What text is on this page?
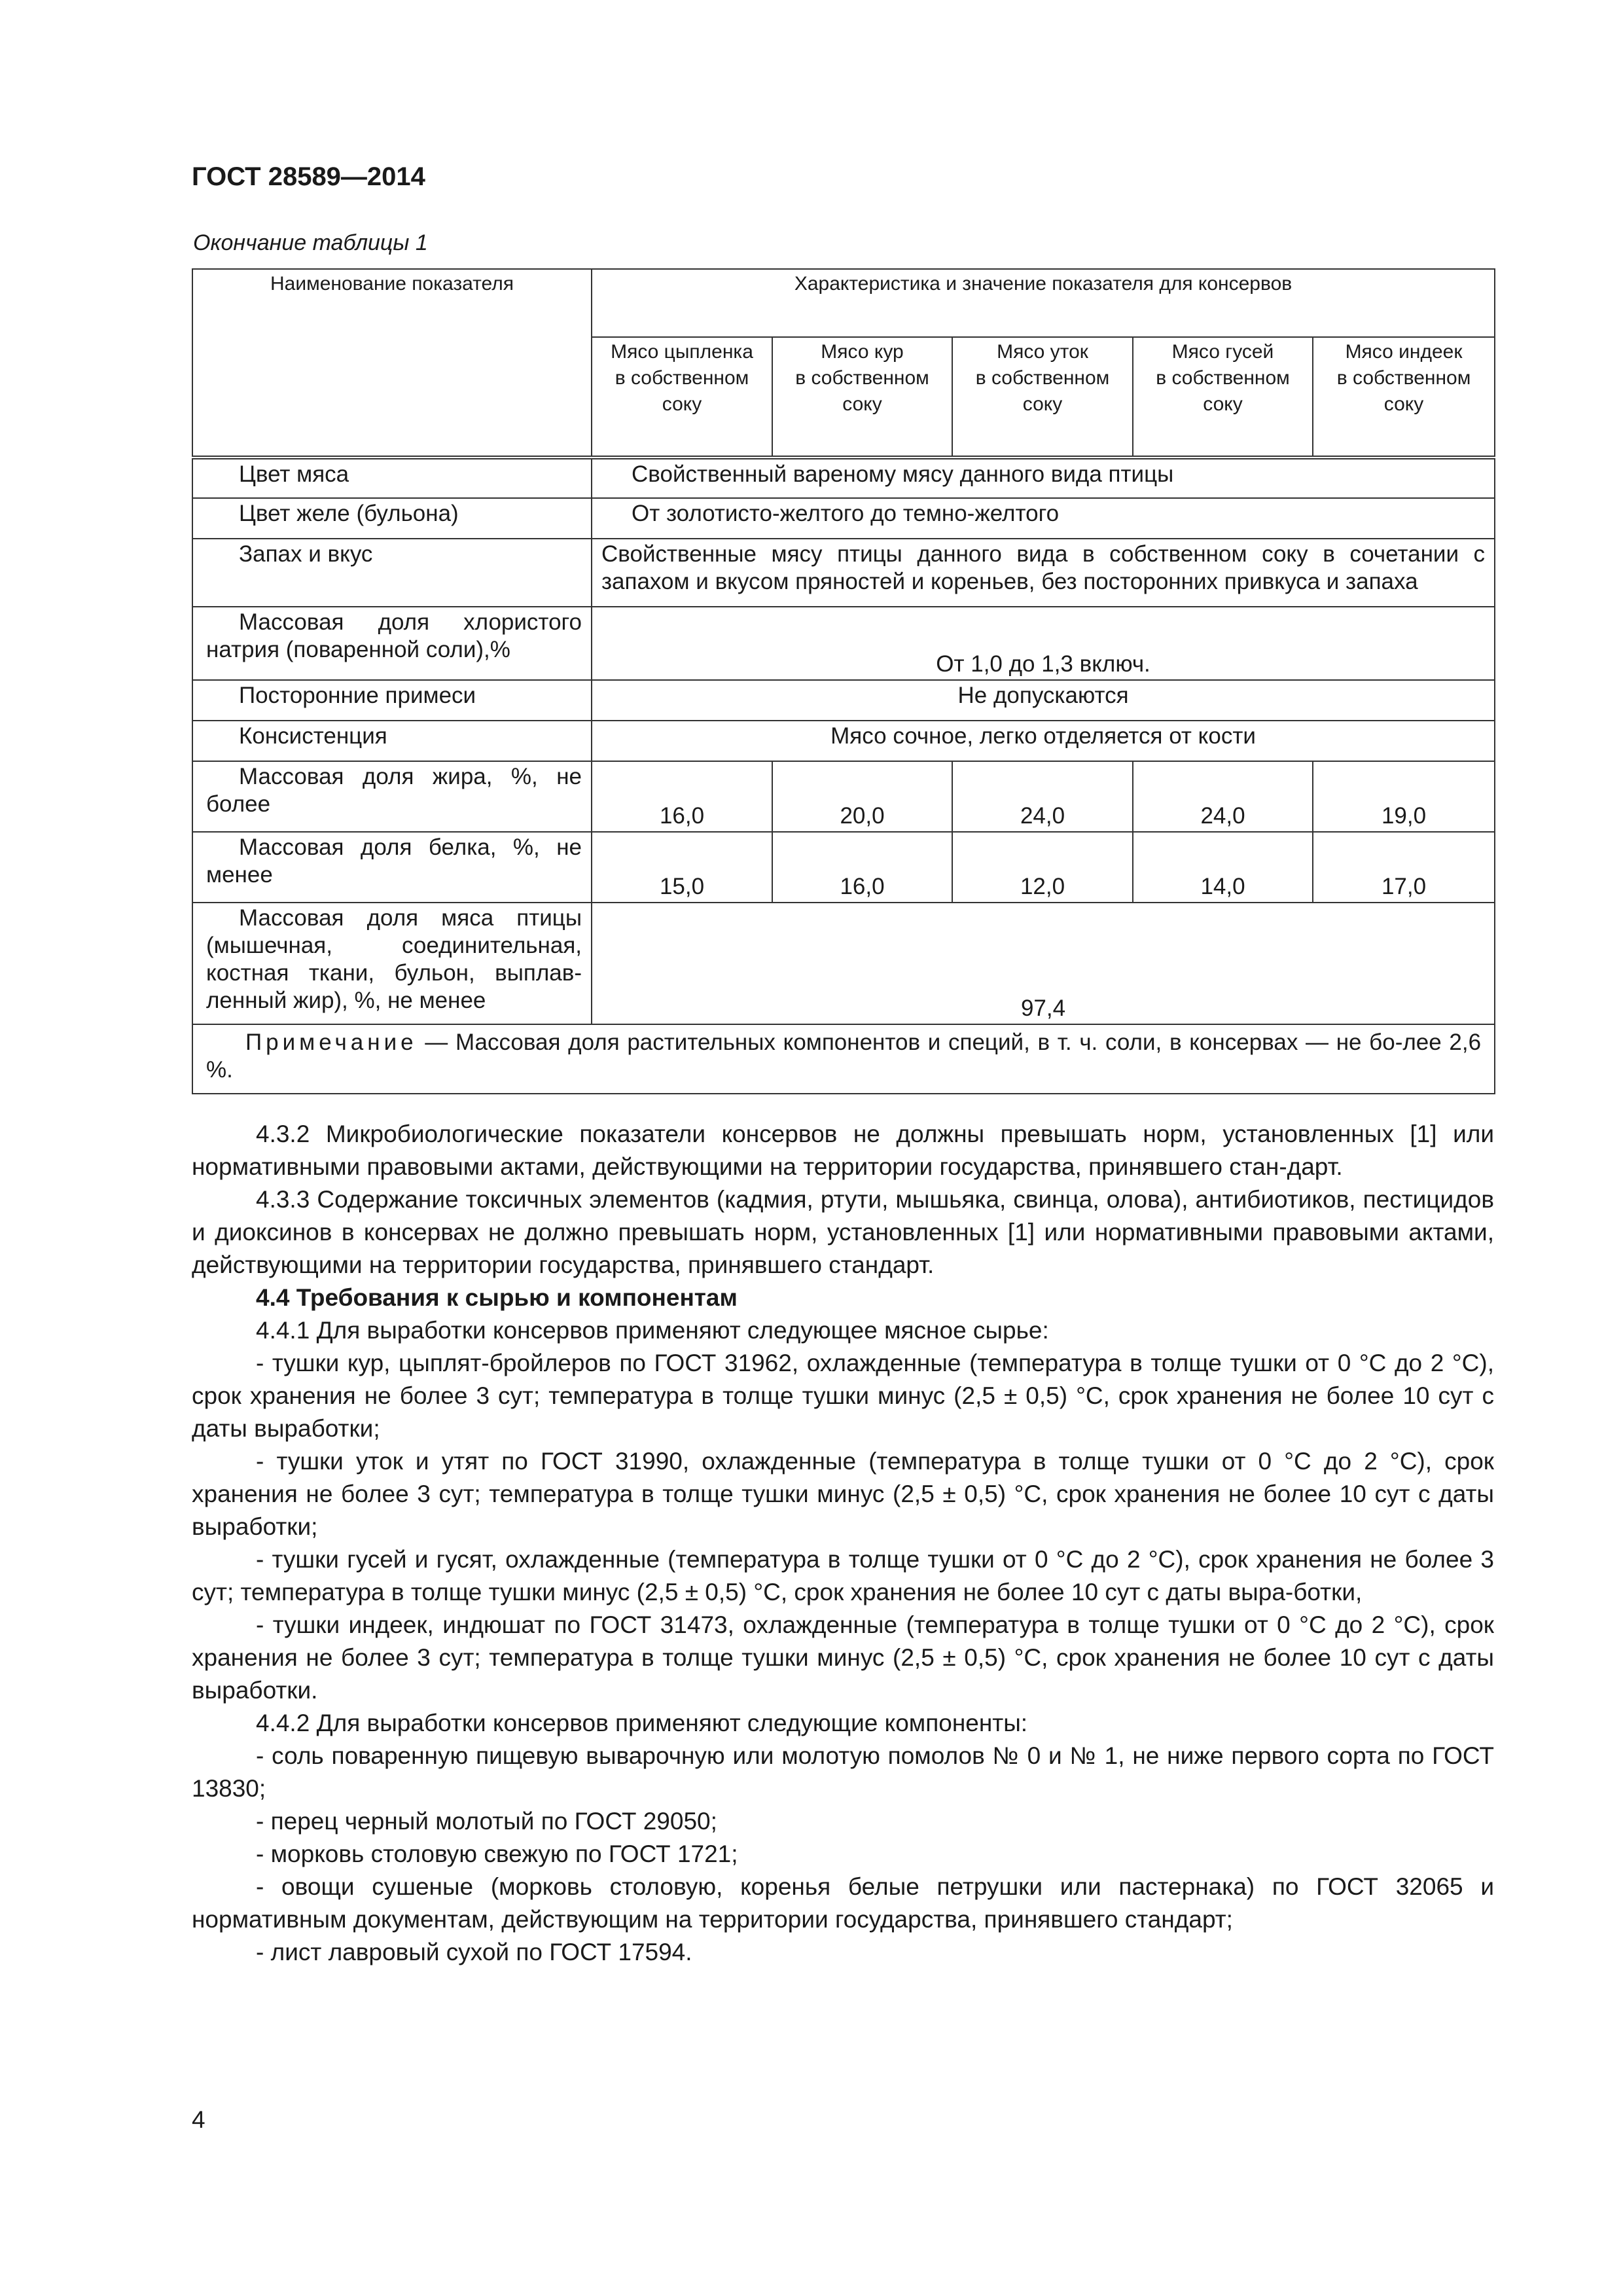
ГОСТ 28589—2014
Окончание таблицы 1
Наименование показателя	Характеристика и значение показателя для консервов				
	Мясо цыпленка
в собственном
соку	Мясо кур
в собственном
соку	Мясо уток
в собственном
соку	Мясо гусей
в собственном
соку	Мясо индеек
в собственном
соку
Цвет мяса	Свойственный вареному мясу данного вида птицы				
Цвет желе (бульона)	От золотисто-желтого до темно-желтого				
Запах и вкус	Свойственные мясу птицы данного вида в собственном соку в сочетании с запахом и вкусом пряностей и кореньев, без посторонних привкуса и запаха				
Массовая доля хлористого натрия (поваренной соли),%	От 1,0 до 1,3 включ.				
Посторонние примеси	Не допускаются				
Консистенция	Мясо сочное, легко отделяется от кости				
Массовая доля жира, %, не более	16,0	20,0	24,0	24,0	19,0
Массовая доля белка, %, не менее	15,0	16,0	12,0	14,0	17,0
Массовая доля мяса птицы (мышечная, соединительная, костная ткани, бульон, выплав-ленный жир), %, не менее	97,4				
Примечание — Массовая доля растительных компонентов и специй, в т. ч. соли, в консервах — не бо-лее 2,6 %.					

4.3.2 Микробиологические показатели консервов не должны превышать норм, установленных [1] или нормативными правовыми актами, действующими на территории государства, принявшего стан-дарт.

4.3.3 Содержание токсичных элементов (кадмия, ртути, мышьяка, свинца, олова), антибиотиков, пестицидов и диоксинов в консервах не должно превышать норм, установленных [1] или нормативными правовыми актами, действующими на территории государства, принявшего стандарт.

4.4 Требования к сырью и компонентам

4.4.1 Для выработки консервов применяют следующее мясное сырье:

- тушки кур, цыплят-бройлеров по ГОСТ 31962, охлажденные (температура в толще тушки от 0 °С до 2 °С), срок хранения не более 3 сут; температура в толще тушки минус (2,5 ± 0,5) °С, срок хранения не более 10 сут с даты выработки;

- тушки уток и утят по ГОСТ 31990, охлажденные (температура в толще тушки от 0 °С до 2 °С), срок хранения не более 3 сут; температура в толще тушки минус (2,5 ± 0,5) °С, срок хранения не более 10 сут с даты выработки;

- тушки гусей и гусят, охлажденные (температура в толще тушки от 0 °С до 2 °С), срок хранения не более 3 сут; температура в толще тушки минус (2,5 ± 0,5) °С, срок хранения не более 10 сут с даты выра-ботки,

- тушки индеек, индюшат по ГОСТ 31473, охлажденные (температура в толще тушки от 0 °С до 2 °С), срок хранения не более 3 сут; температура в толще тушки минус (2,5 ± 0,5) °С, срок хранения не более 10 сут с даты выработки.

4.4.2 Для выработки консервов применяют следующие компоненты:

- соль поваренную пищевую выварочную или молотую помолов № 0 и № 1, не ниже первого сорта по ГОСТ 13830;

- перец черный молотый по ГОСТ 29050;

- морковь столовую свежую по ГОСТ 1721;

- овощи сушеные (морковь столовую, коренья белые петрушки или пастернака) по ГОСТ 32065 и нормативным документам, действующим на территории государства, принявшего стандарт;

- лист лавровый сухой по ГОСТ 17594.

4
